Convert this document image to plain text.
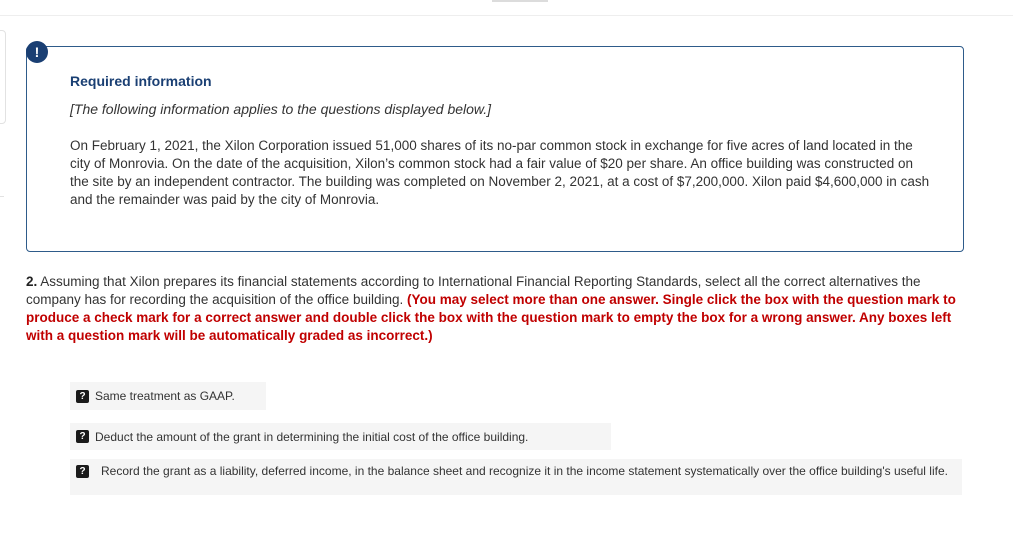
Required information

[The following information applies to the questions displayed below.]

On February 1, 2021, the Xilon Corporation issued 51,000 shares of its no-par common stock in exchange for five acres of land located in the city of Monrovia. On the date of the acquisition, Xilon’s common stock had a fair value of $20 per share. An office building was constructed on the site by an independent contractor. The building was completed on November 2, 2021, at a cost of $7,200,000. Xilon paid $4,600,000 in cash and the remainder was paid by the city of Monrovia.

!

2. Assuming that Xilon prepares its financial statements according to International Financial Reporting Standards, select all the correct alternatives the company has for recording the acquisition of the office building. (You may select more than one answer. Single click the box with the question mark to produce a check mark for a correct answer and double click the box with the question mark to empty the box for a wrong answer. Any boxes left with a question mark will be automatically graded as incorrect.)

? Same treatment as GAAP.
? Deduct the amount of the grant in determining the initial cost of the office building.
?	Record the grant as a liability, deferred income, in the balance sheet and recognize it in the income statement systematically over the office building's useful life.
